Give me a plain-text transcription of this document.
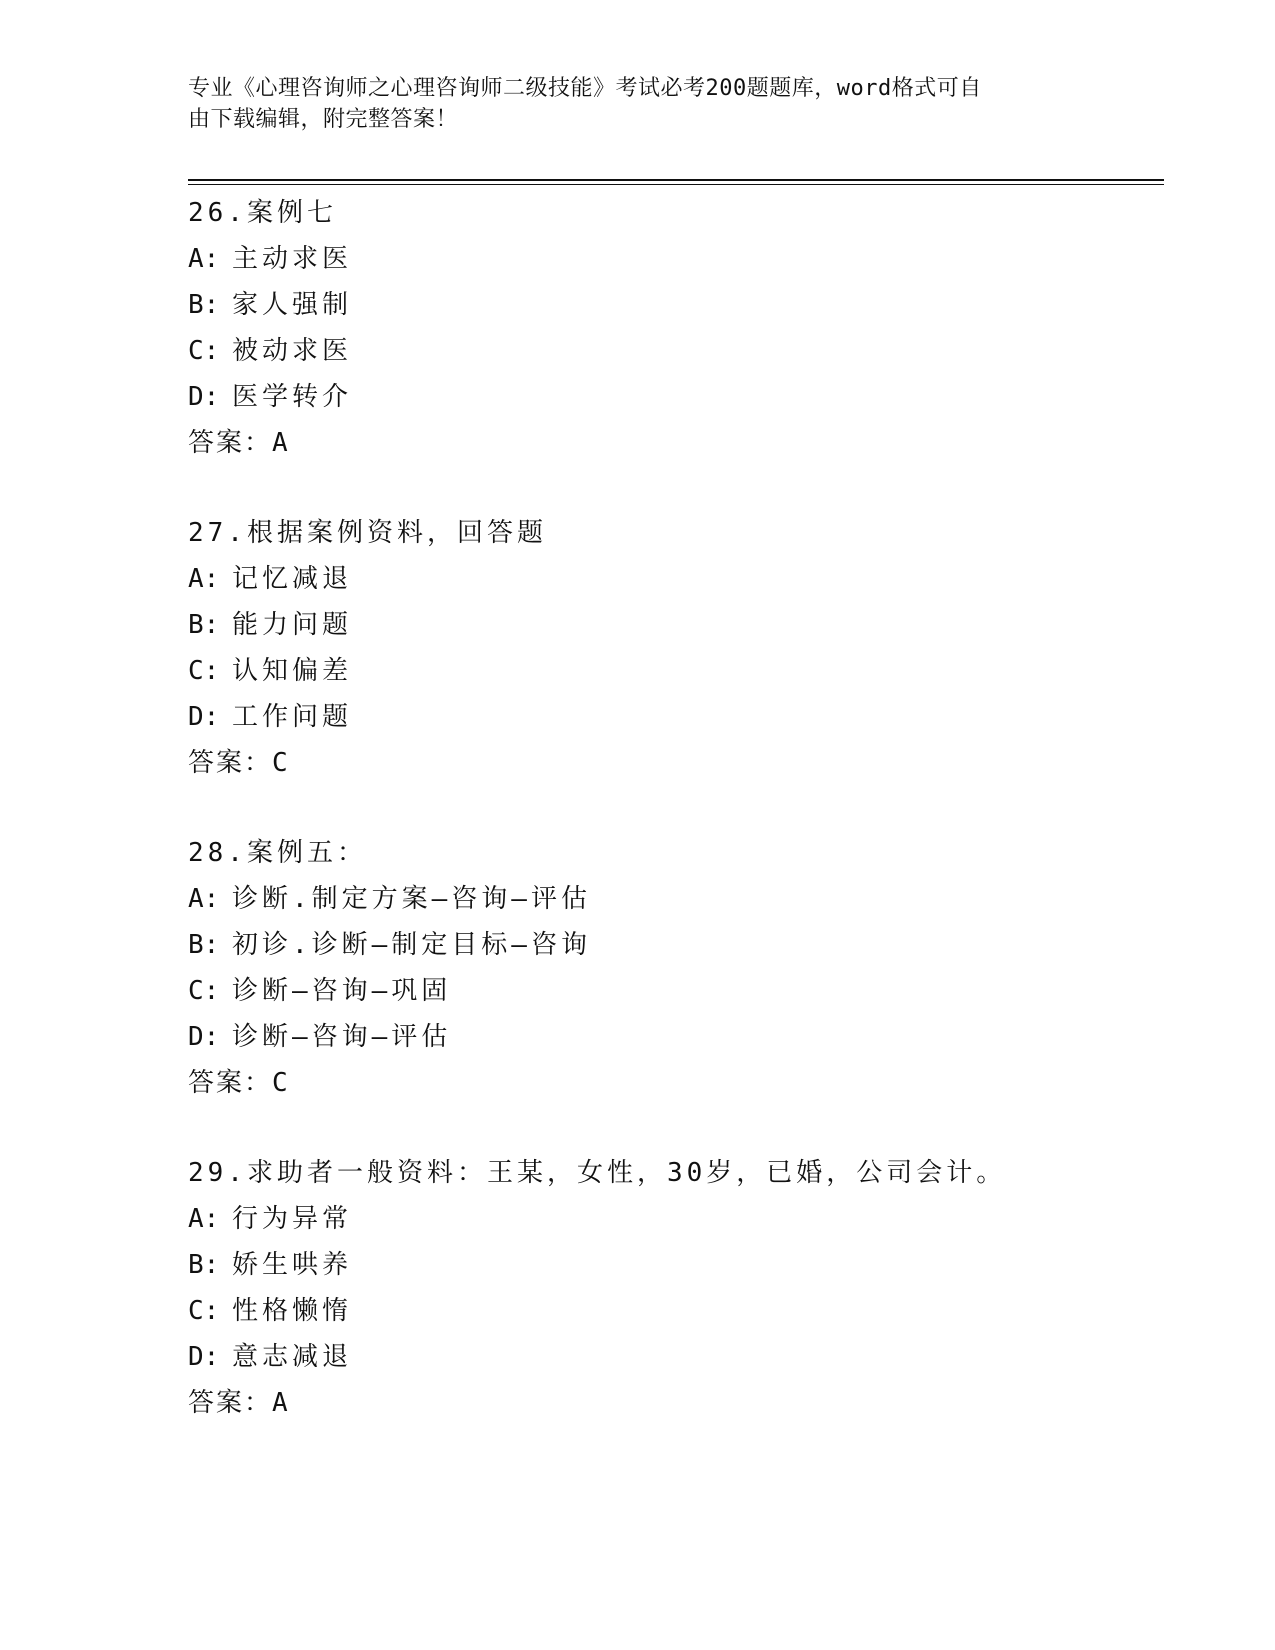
专业《心理咨询师之心理咨询师二级技能》考试必考200题题库，word格式可自
由下载编辑，附完整答案！
26.案例七
A: 主动求医
B: 家人强制
C: 被动求医
D: 医学转介
答案：A
27.根据案例资料，回答题
A: 记忆减退
B: 能力问题
C: 认知偏差
D: 工作问题
答案：C
28.案例五：
A: 诊断.制定方案—咨询—评估
B: 初诊.诊断—制定目标—咨询
C: 诊断—咨询—巩固
D: 诊断—咨询—评估
答案：C
29.求助者一般资料：王某，女性，30岁，已婚，公司会计。
A: 行为异常
B: 娇生哄养
C: 性格懒惰
D: 意志减退
答案：A
